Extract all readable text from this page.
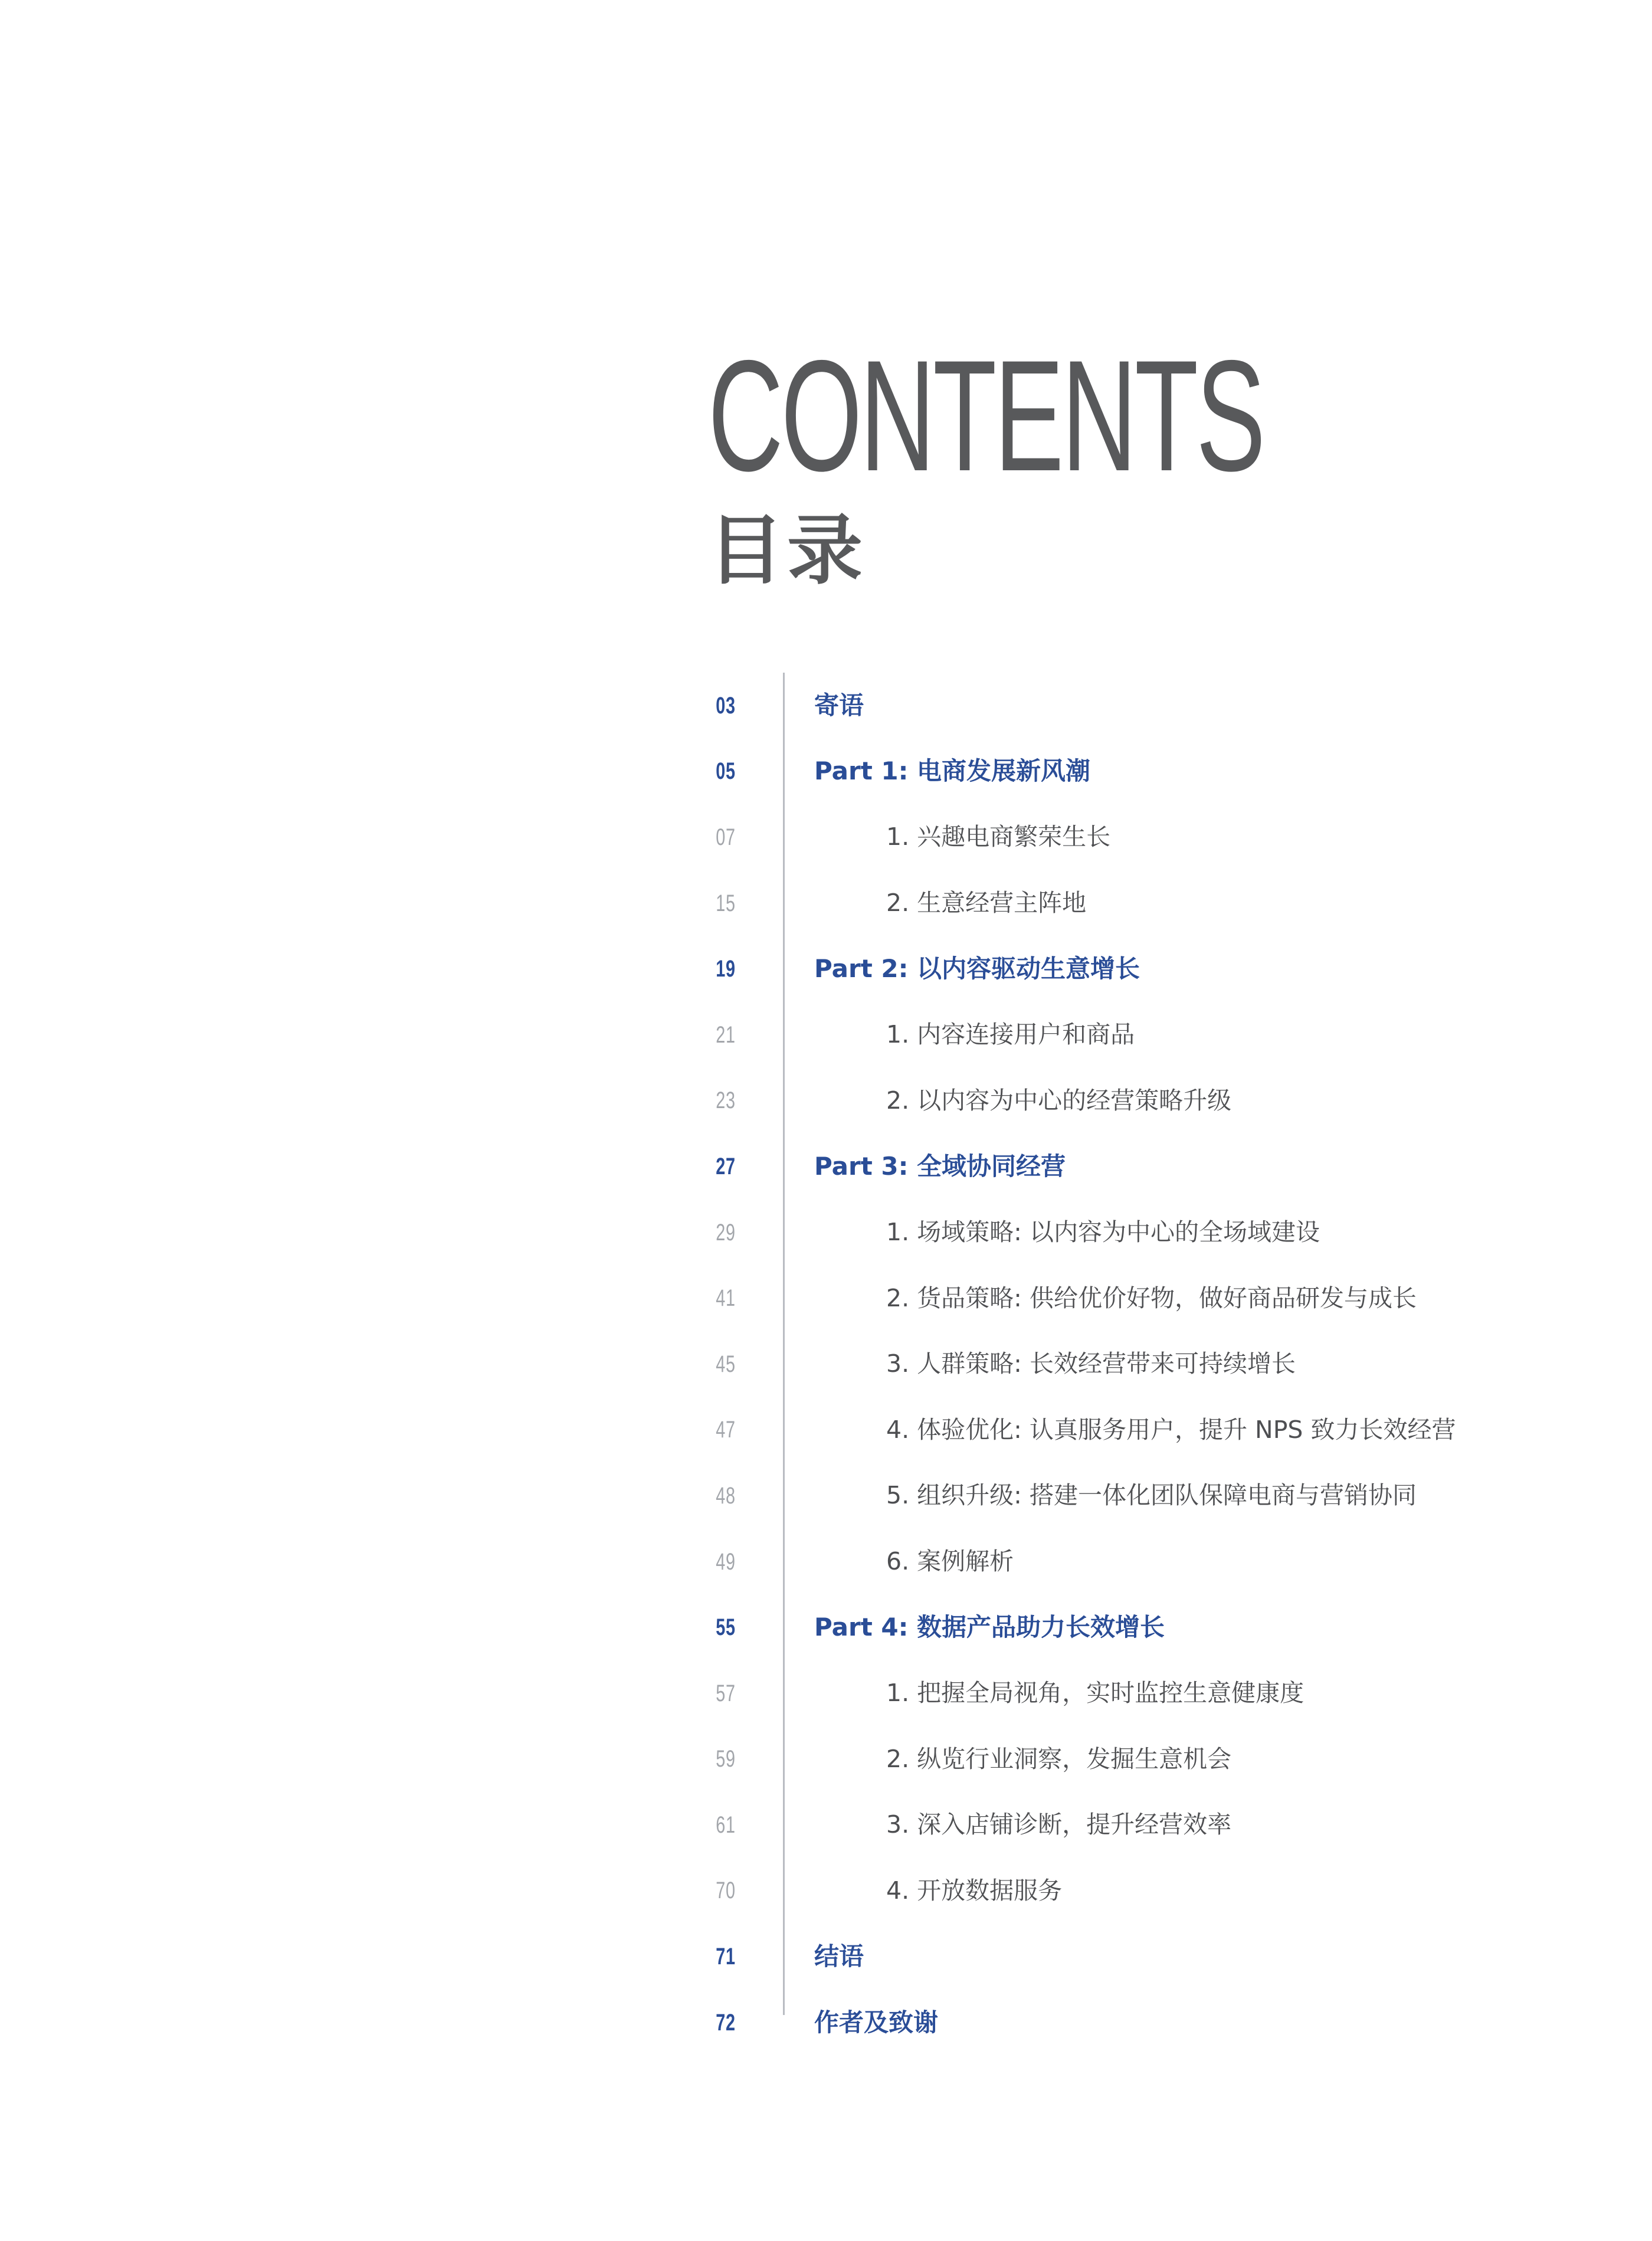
CONTENTS
目录
03	寄语
05	Part 1: 电商发展新风潮
07	1. 兴趣电商繁荣生长
15	2. 生意经营主阵地
19	Part 2: 以内容驱动生意增长
21	1. 内容连接用户和商品
23	2. 以内容为中心的经营策略升级
27	Part 3: 全域协同经营
29	1. 场域策略: 以内容为中心的全场域建设
41	2. 货品策略: 供给优价好物，做好商品研发与成长
45	3. 人群策略: 长效经营带来可持续增长
47	4. 体验优化: 认真服务用户，提升 NPS 致力长效经营
48	5. 组织升级: 搭建一体化团队保障电商与营销协同
49	6. 案例解析
55	Part 4: 数据产品助力长效增长
57	1. 把握全局视角，实时监控生意健康度
59	2. 纵览行业洞察，发掘生意机会
61	3. 深入店铺诊断，提升经营效率
70	4. 开放数据服务
71	结语
72	作者及致谢
